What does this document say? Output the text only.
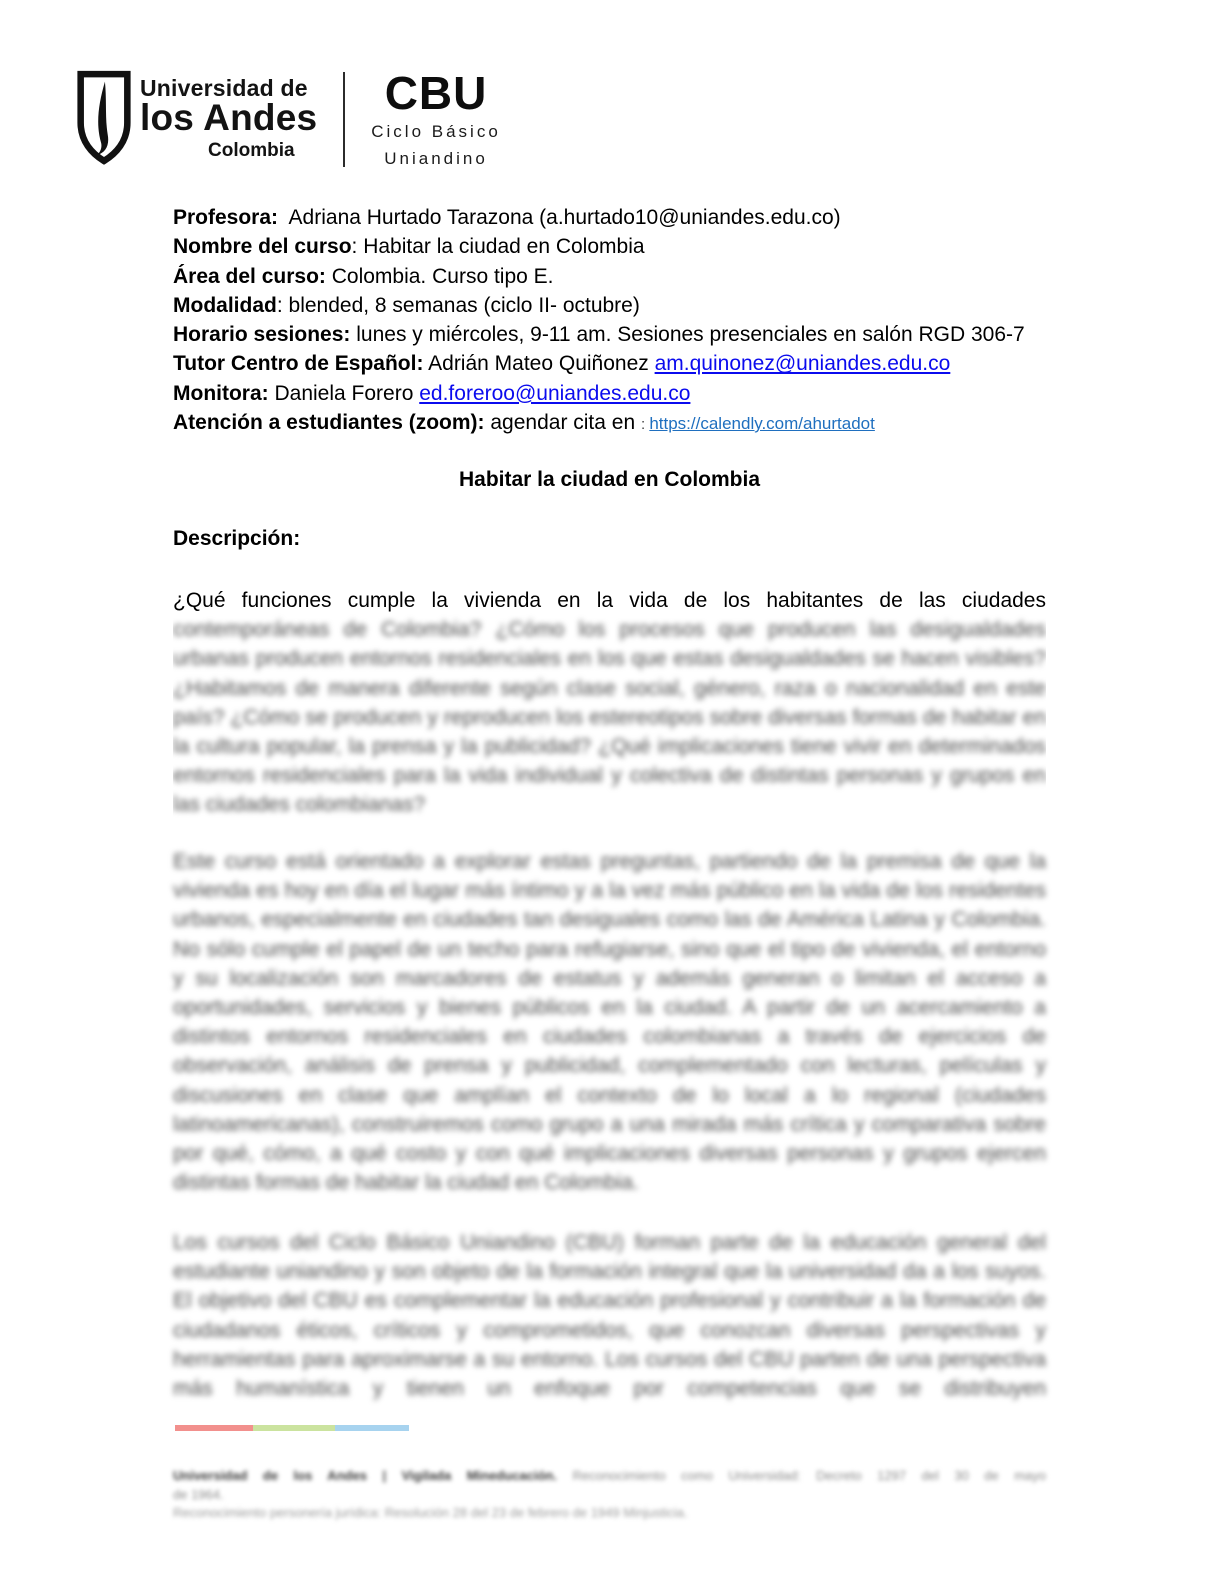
Universidad de
los Andes
Colombia
CBU
Ciclo Básico
Uniandino
Profesora:  Adriana Hurtado Tarazona (a.hurtado10@uniandes.edu.co)
Nombre del curso: Habitar la ciudad en Colombia
Área del curso: Colombia. Curso tipo E.
Modalidad: blended, 8 semanas (ciclo II- octubre)
Horario sesiones: lunes y miércoles, 9-11 am. Sesiones presenciales en salón RGD 306-7
Tutor Centro de Español: Adrián Mateo Quiñonez am.quinonez@uniandes.edu.co
Monitora: Daniela Forero ed.foreroo@uniandes.edu.co
Atención a estudiantes (zoom): agendar cita en : https://calendly.com/ahurtadot
Habitar la ciudad en Colombia
Descripción:
¿Qué funciones cumple la vivienda en la vida de los habitantes de las ciudades
contemporáneas de Colombia? ¿Cómo los procesos que producen las desigualdades urbanas producen entornos residenciales en los que estas desigualdades se hacen visibles? ¿Habitamos de manera diferente según clase social, género, raza o nacionalidad en este país? ¿Cómo se producen y reproducen los estereotipos sobre diversas formas de habitar en la cultura popular, la prensa y la publicidad? ¿Qué implicaciones tiene vivir en determinados entornos residenciales para la vida individual y colectiva de distintas personas y grupos en las ciudades colombianas?
Este curso está orientado a explorar estas preguntas, partiendo de la premisa de que la vivienda es hoy en día el lugar más íntimo y a la vez más público en la vida de los residentes urbanos, especialmente en ciudades tan desiguales como las de América Latina y Colombia. No sólo cumple el papel de un techo para refugiarse, sino que el tipo de vivienda, el entorno y su localización son marcadores de estatus y además generan o limitan el acceso a oportunidades, servicios y bienes públicos en la ciudad. A partir de un acercamiento a distintos entornos residenciales en ciudades colombianas a través de ejercicios de observación, análisis de prensa y publicidad, complementado con lecturas, películas y discusiones en clase que amplían el contexto de lo local a lo regional (ciudades latinoamericanas), construiremos como grupo a una mirada más crítica y comparativa sobre por qué, cómo, a qué costo y con qué implicaciones diversas personas y grupos ejercen distintas formas de habitar la ciudad en Colombia.
Los cursos del Ciclo Básico Uniandino (CBU) forman parte de la educación general del estudiante uniandino y son objeto de la formación integral que la universidad da a los suyos. El objetivo del CBU es complementar la educación profesional y contribuir a la formación de ciudadanos éticos, críticos y comprometidos, que conozcan diversas perspectivas y herramientas para aproximarse a su entorno. Los cursos del CBU parten de una perspectiva más humanística y tienen un enfoque por competencias que se distribuyen
Universidad de los Andes | Vigilada Mineducación. Reconocimiento como Universidad: Decreto 1297 del 30 de mayo
de 1964.
Reconocimiento personería jurídica: Resolución 28 del 23 de febrero de 1949 Minjusticia.
